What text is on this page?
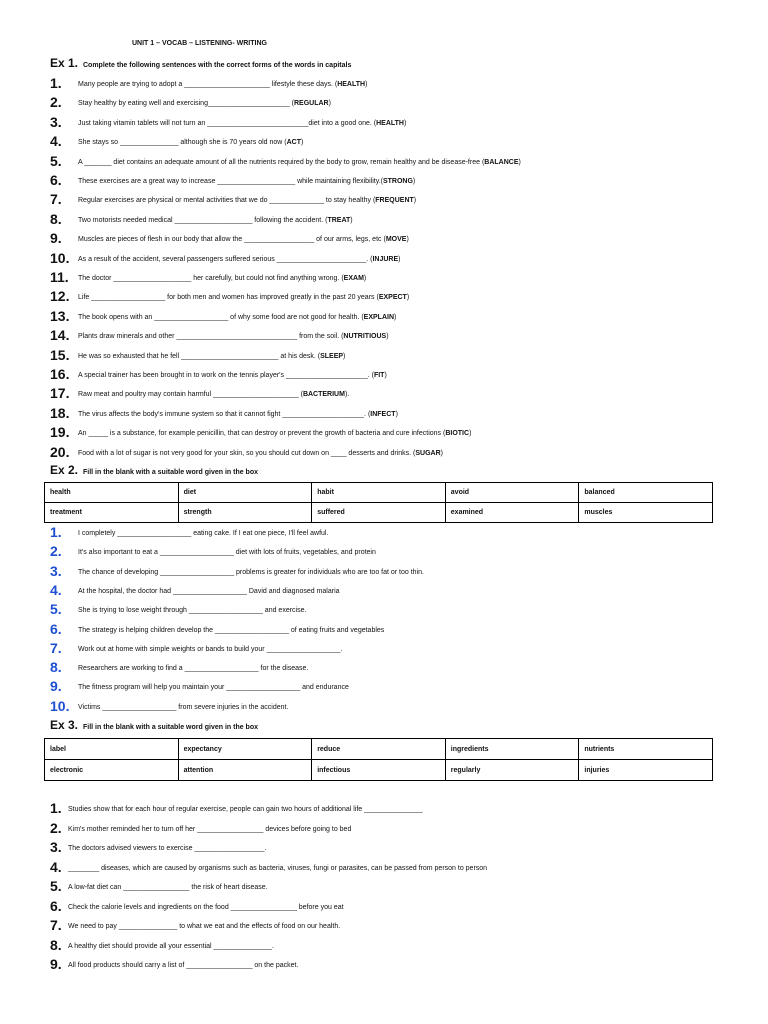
UNIT 1 – VOCAB – LISTENING- WRITING
Ex 1. Complete the following sentences with the correct forms of the words in capitals
1. Many people are trying to adopt a ______________________ lifestyle these days. (HEALTH)
2. Stay healthy by eating well and exercising_____________________ (REGULAR)
3. Just taking vitamin tablets will not turn an __________________________diet into a good one. (HEALTH)
4. She stays so _______________ although she is 70 years old now (ACT)
5. A _______ diet contains an adequate amount of all the nutrients required by the body to grow, remain healthy and be disease-free (BALANCE)
6. These exercises are a great way to increase ____________________ while maintaining flexibility.(STRONG)
7. Regular exercises are physical or mental activities that we do ______________ to stay healthy (FREQUENT)
8. Two motorists needed medical ____________________ following the accident. (TREAT)
9. Muscles are pieces of flesh in our body that allow the __________________ of our arms, legs, etc (MOVE)
10. As a result of the accident, several passengers suffered serious _______________________. (INJURE)
11. The doctor ____________________ her carefully, but could not find anything wrong. (EXAM)
12. Life ___________________ for both men and women has improved greatly in the past 20 years (EXPECT)
13. The book opens with an ___________________ of why some food are not good for health. (EXPLAIN)
14. Plants draw minerals and other _______________________________ from the soil. (NUTRITIOUS)
15. He was so exhausted that he fell _________________________ at his desk. (SLEEP)
16. A special trainer has been brought in to work on the tennis player's _____________________. (FIT)
17. Raw meat and poultry may contain harmful ______________________ (BACTERIUM).
18. The virus affects the body's immune system so that it cannot fight _____________________. (INFECT)
19. An _____ is a substance, for example penicillin, that can destroy or prevent the growth of bacteria and cure infections (BIOTIC)
20. Food with a lot of sugar is not very good for your skin, so you should cut down on ____ desserts and drinks. (SUGAR)
Ex 2. Fill in the blank with a suitable word given in the box
health	diet	habit	avoid	balanced
treatment	strength	suffered	examined	muscles
1. I completely ___________________ eating cake. If I eat one piece, I'll feel awful.
2. It's also important to eat a ___________________ diet with lots of fruits, vegetables, and protein
3. The chance of developing ___________________ problems is greater for individuals who are too fat or too thin.
4. At the hospital, the doctor had ___________________ David and diagnosed malaria
5. She is trying to lose weight through ___________________ and exercise.
6. The strategy is helping children develop the ___________________ of eating fruits and vegetables
7. Work out at home with simple weights or bands to build your ___________________.
8. Researchers are working to find a ___________________ for the disease.
9. The fitness program will help you maintain your ___________________ and endurance
10. Victims ___________________ from severe injuries in the accident.
Ex 3. Fill in the blank with a suitable word given in the box
label	expectancy	reduce	ingredients	nutrients
electronic	attention	infectious	regularly	injuries
1. Studies show that for each hour of regular exercise, people can gain two hours of additional life _______________
2. Kim's mother reminded her to turn off her _________________ devices before going to bed
3. The doctors advised viewers to exercise __________________.
4. ________ diseases, which are caused by organisms such as bacteria, viruses, fungi or parasites, can be passed from person to person
5. A low-fat diet can _________________ the risk of heart disease.
6. Check the calorie levels and ingredients on the food _________________ before you eat
7. We need to pay _______________ to what we eat and the effects of food on our health.
8. A healthy diet should provide all your essential _______________.
9. All food products should carry a list of _________________ on the packet.
